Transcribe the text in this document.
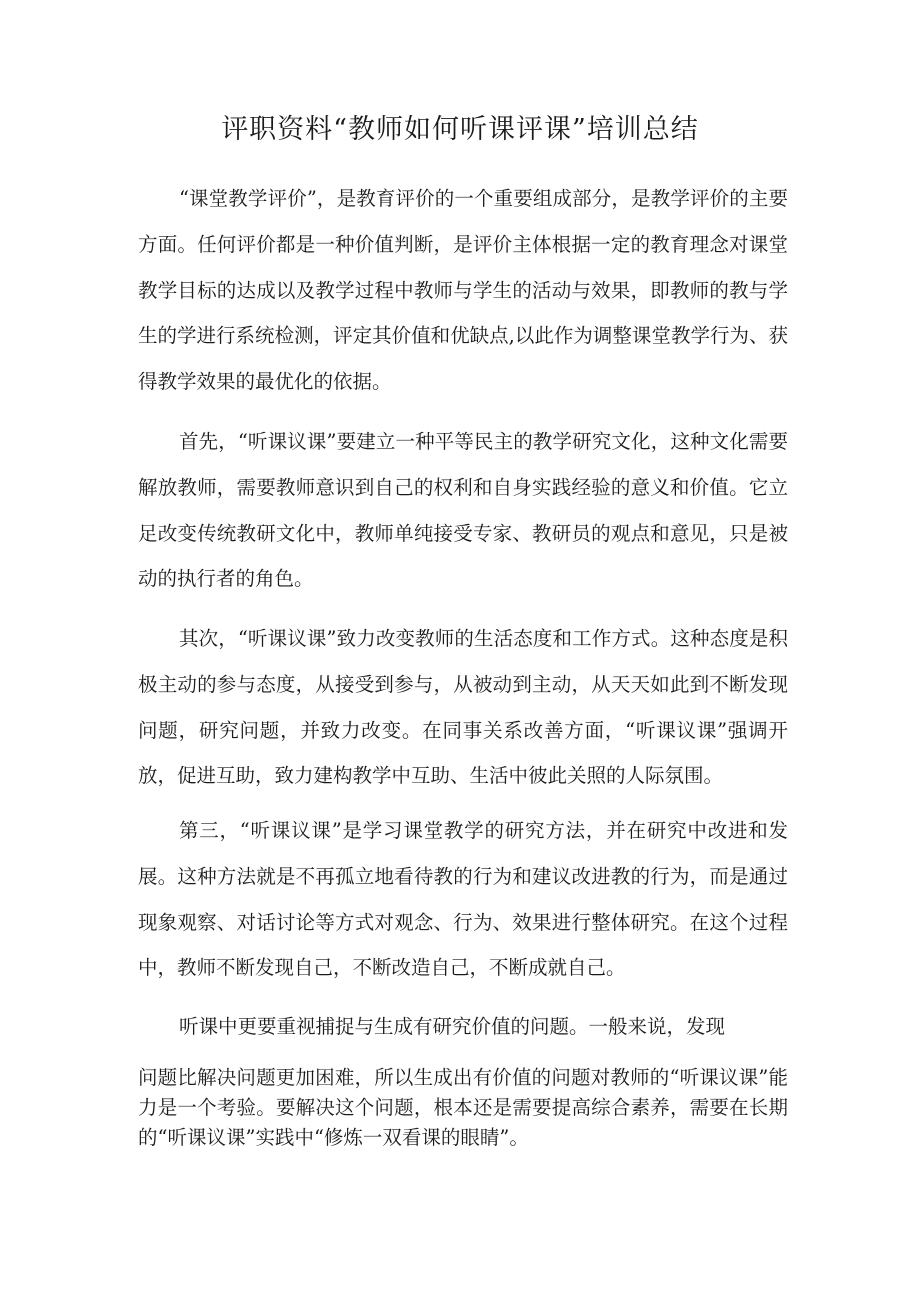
评职资料“教师如何听课评课”培训总结

“课堂教学评价”，是教育评价的一个重要组成部分，是教学评价的主要方面。任何评价都是一种价值判断，是评价主体根据一定的教育理念对课堂教学目标的达成以及教学过程中教师与学生的活动与效果，即教师的教与学生的学进行系统检测，评定其价值和优缺点,以此作为调整课堂教学行为、获得教学效果的最优化的依据。

首先，“听课议课”要建立一种平等民主的教学研究文化，这种文化需要解放教师，需要教师意识到自己的权利和自身实践经验的意义和价值。它立足改变传统教研文化中，教师单纯接受专家、教研员的观点和意见，只是被动的执行者的角色。

其次，“听课议课”致力改变教师的生活态度和工作方式。这种态度是积极主动的参与态度，从接受到参与，从被动到主动，从天天如此到不断发现问题，研究问题，并致力改变。在同事关系改善方面，“听课议课”强调开放，促进互助，致力建构教学中互助、生活中彼此关照的人际氛围。

第三，“听课议课”是学习课堂教学的研究方法，并在研究中改进和发展。这种方法就是不再孤立地看待教的行为和建议改进教的行为，而是通过现象观察、对话讨论等方式对观念、行为、效果进行整体研究。在这个过程中，教师不断发现自己，不断改造自己，不断成就自己。

听课中更要重视捕捉与生成有研究价值的问题。一般来说，发现
问题比解决问题更加困难，所以生成出有价值的问题对教师的“听课议课”能力是一个考验。要解决这个问题，根本还是需要提高综合素养，需要在长期的“听课议课”实践中“修炼一双看课的眼睛”。
